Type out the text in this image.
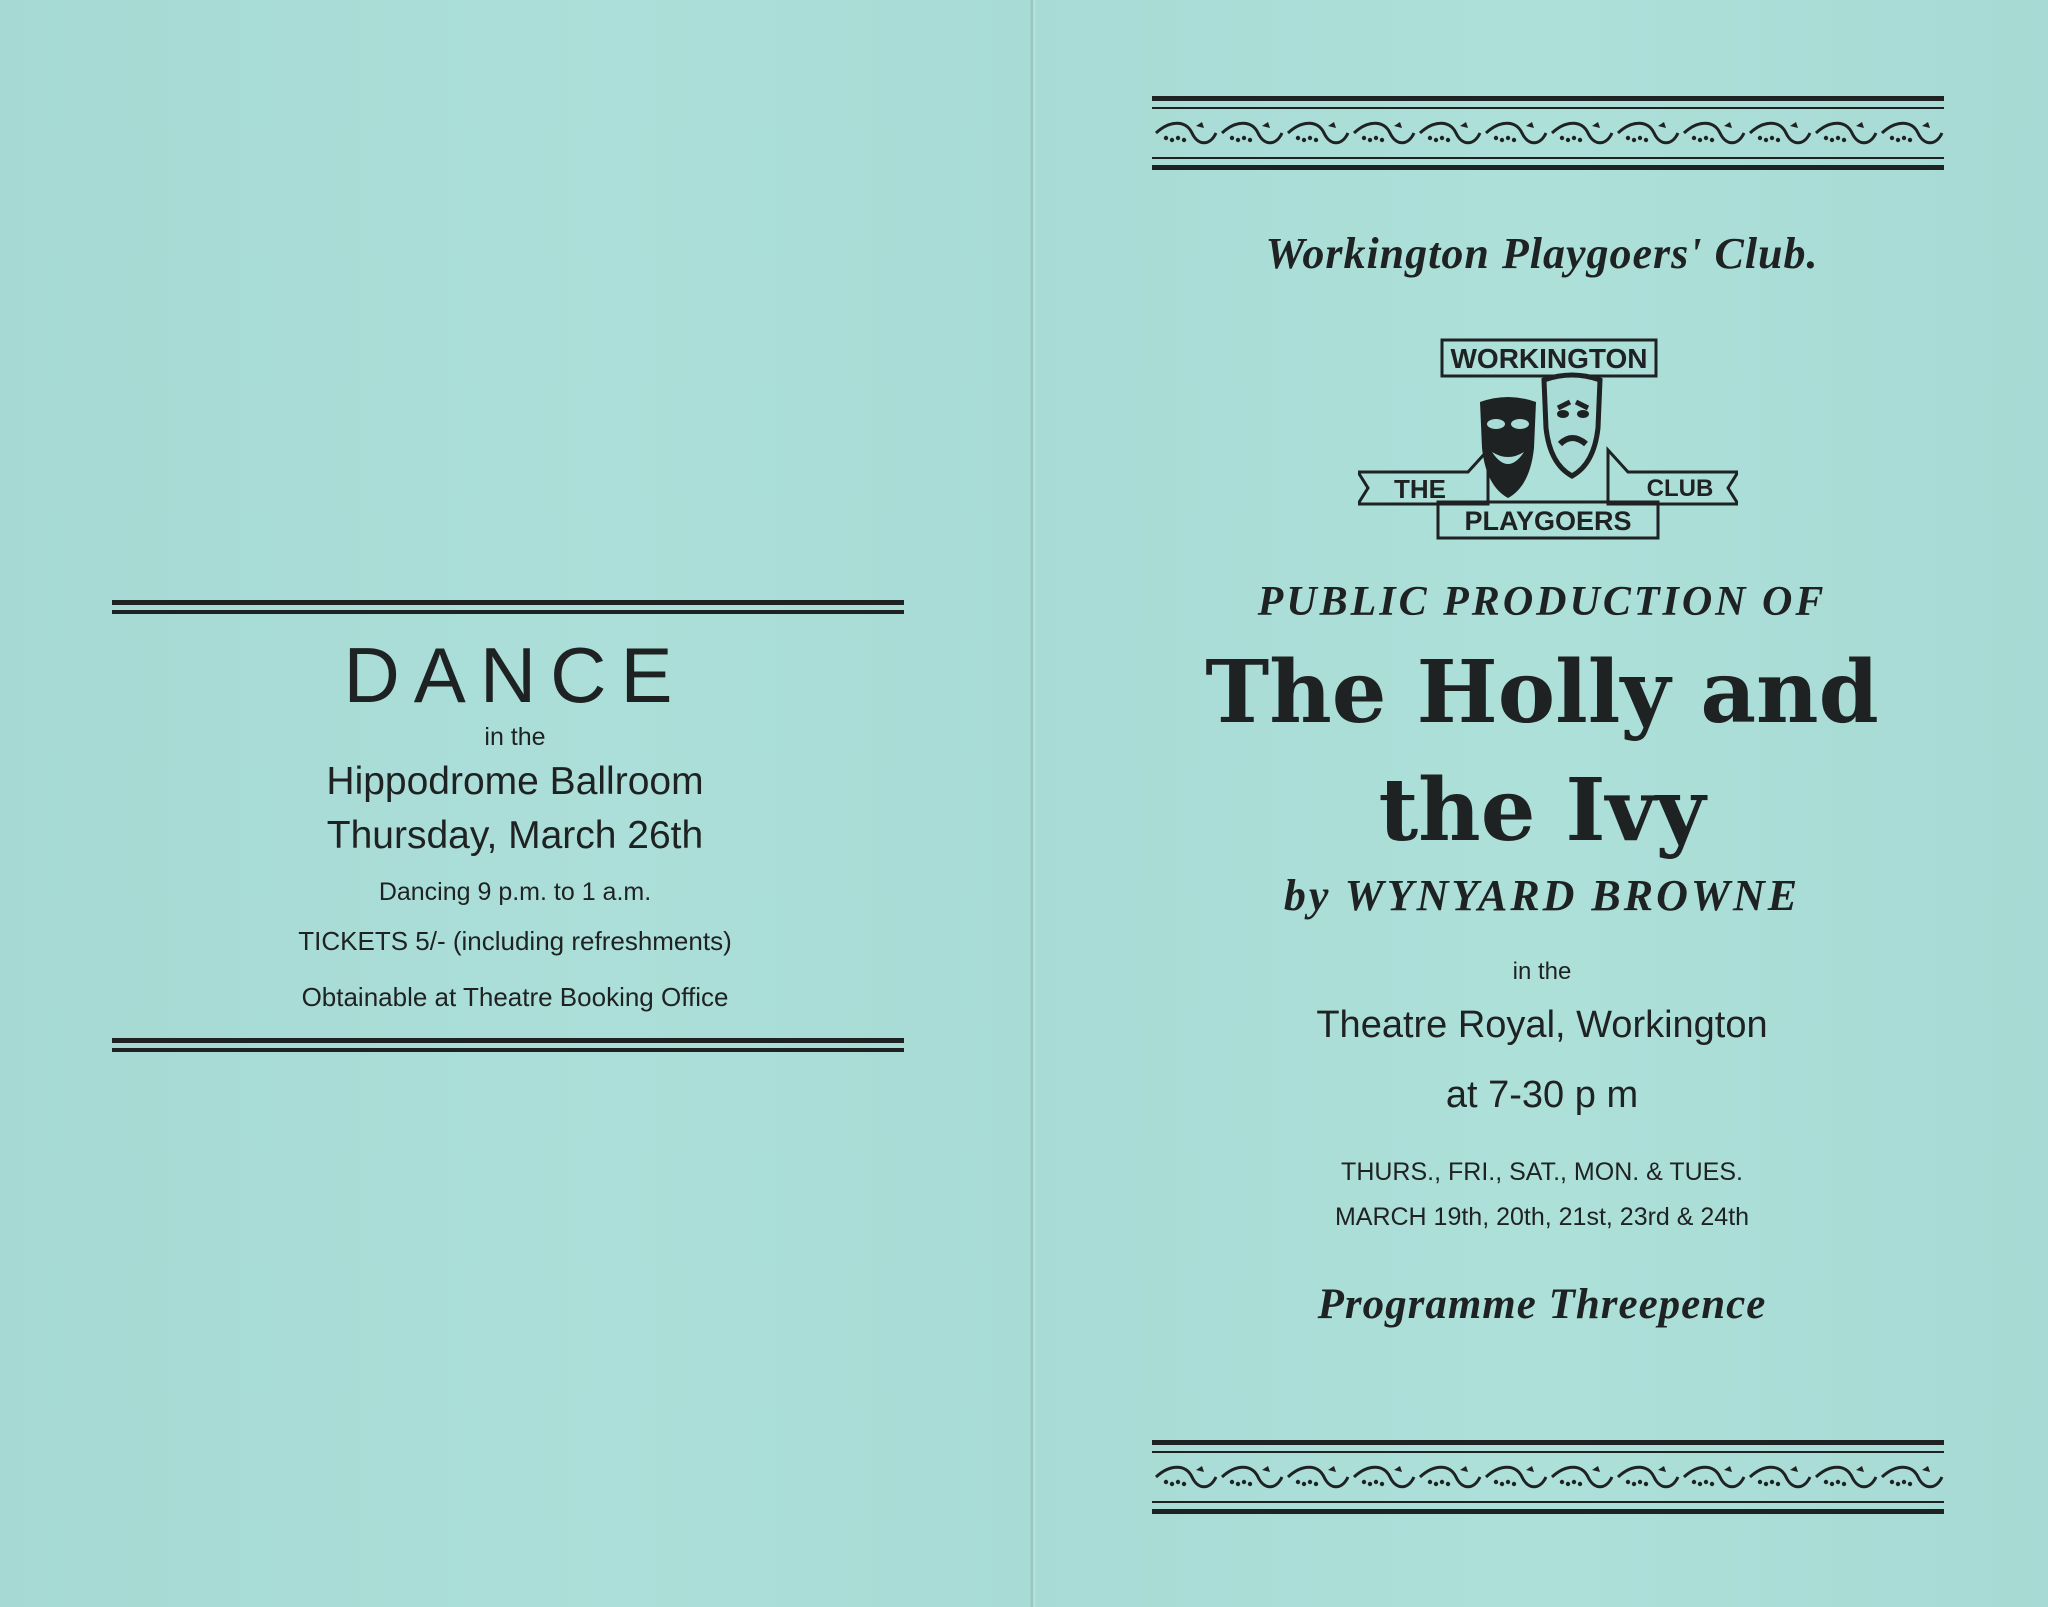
DANCE
in the
Hippodrome Ballroom
Thursday, March 26th
Dancing 9 p.m. to 1 a.m.
TICKETS 5/- (including refreshments)
Obtainable at Theatre Booking Office
Workington Playgoers' Club.
WORKINGTON
THE	CLUB
PLAYGOERS
PUBLIC PRODUCTION OF
The Holly and
the Ivy
by WYNYARD BROWNE
in the
Theatre Royal, Workington
at 7-30 p m
THURS., FRI., SAT., MON. & TUES.
MARCH 19th, 20th, 21st, 23rd & 24th
Programme Threepence
